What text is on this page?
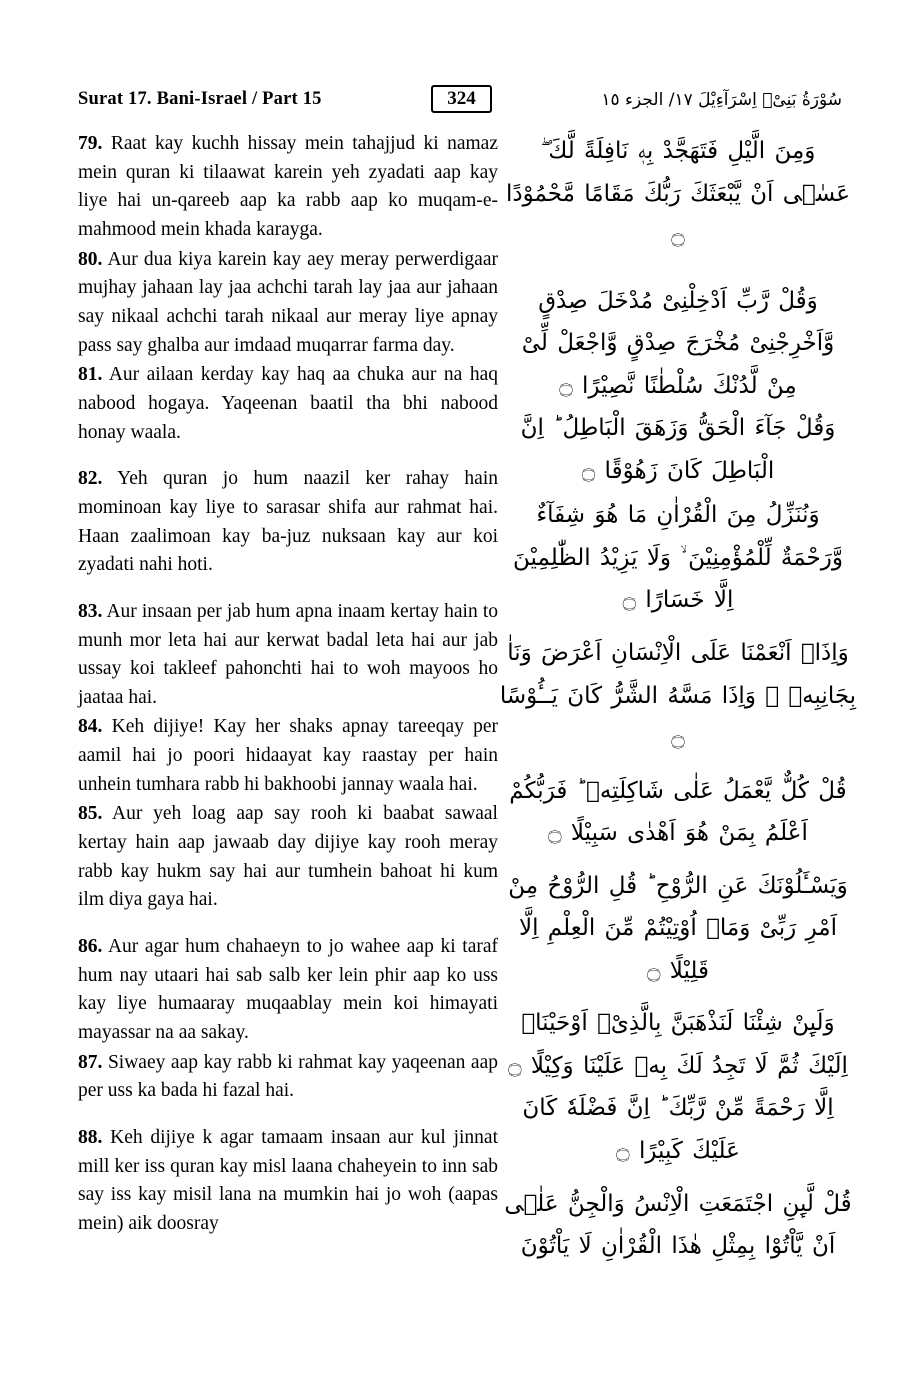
Surat 17. Bani-Israel / Part 15	324	سُوْرَةُ بَنِیْۤ اِسْرَآءِیْلَ ١٧/ الجزء ١٥

79. Raat kay kuchh hissay mein tahajjud ki namaz mein quran ki tilaawat karein yeh zyadati aap kay liye hai un-qareeb aap ka rabb aap ko muqam-e-mahmood mein khada karayga.

80. Aur dua kiya karein kay aey meray perwerdigaar mujhay jahaan lay jaa achchi tarah lay jaa aur jahaan say nikaal achchi tarah nikaal aur meray liye apnay pass say ghalba aur imdaad muqarrar farma day.

81. Aur ailaan kerday kay haq aa chuka aur na haq nabood hogaya. Yaqeenan baatil tha bhi nabood honay waala.

82. Yeh quran jo hum naazil ker rahay hain mominoan kay liye to sarasar shifa aur rahmat hai. Haan zaalimoan kay ba-juz nuksaan kay aur koi zyadati nahi hoti.

83. Aur insaan per jab hum apna inaam kertay hain to munh mor leta hai aur kerwat badal leta hai aur jab ussay koi takleef pahonchti hai to woh mayoos ho jaataa hai.

84. Keh dijiye! Kay her shaks apnay tareeqay per aamil hai jo poori hidaayat kay raastay per hain unhein tumhara rabb hi bakhoobi jannay waala hai.

85. Aur yeh loag aap say rooh ki baabat sawaal kertay hain aap jawaab day dijiye kay rooh meray rabb kay hukm say hai aur tumhein bahoat hi kum ilm diya gaya hai.

86. Aur agar hum chahaeyn to jo wahee aap ki taraf hum nay utaari hai sab salb ker lein phir aap ko uss kay liye humaaray muqaablay mein koi himayati mayassar na aa sakay.

87. Siwaey aap kay rabb ki rahmat kay yaqeenan aap per uss ka bada hi fazal hai.

88. Keh dijiye k agar tamaam insaan aur kul jinnat mill ker iss quran kay misl laana chaheyein to inn sab say iss kay misil lana na mumkin hai jo woh (aapas mein) aik doosray

وَمِنَ الَّیْلِ فَتَهَجَّدْ بِهٖ نَافِلَةً لَّكَ ۖ
عَسٰۤى اَنْ یَّبْعَثَكَ رَبُّكَ مَقَامًا مَّحْمُوْدًا ۝
وَقُلْ رَّبِّ اَدْخِلْنِیْ مُدْخَلَ صِدْقٍ
وَّاَخْرِجْنِیْ مُخْرَجَ صِدْقٍ وَّاجْعَلْ لِّیْ
مِنْ لَّدُنْكَ سُلْطٰنًا نَّصِیْرًا ۝
وَقُلْ جَآءَ الْحَقُّ وَزَهَقَ الْبَاطِلُ ؕ اِنَّ
الْبَاطِلَ كَانَ زَهُوْقًا ۝
وَنُنَزِّلُ مِنَ الْقُرْاٰنِ مَا هُوَ شِفَآءٌ
وَّرَحْمَةٌ لِّلْمُؤْمِنِیْنَ ۙ وَلَا یَزِیْدُ الظّٰلِمِیْنَ
اِلَّا خَسَارًا ۝
وَاِذَاۤ اَنْعَمْنَا عَلَى الْاِنْسَانِ اَعْرَضَ وَنَاٰ
بِجَانِبِهٖ ۚ وَاِذَا مَسَّهُ الشَّرُّ كَانَ یَــُٔوْسًا ۝
قُلْ كُلٌّ یَّعْمَلُ عَلٰى شَاكِلَتِهٖ ؕ فَرَبُّكُمْ
اَعْلَمُ بِمَنْ هُوَ اَهْدٰى سَبِیْلًا ۝
وَیَسْـَٔلُوْنَكَ عَنِ الرُّوْحِ ؕ قُلِ الرُّوْحُ مِنْ
اَمْرِ رَبِّیْ وَمَاۤ اُوْتِیْتُمْ مِّنَ الْعِلْمِ اِلَّا
قَلِیْلًا ۝
وَلَىِٕنْ شِئْنَا لَنَذْهَبَنَّ بِالَّذِیْۤ اَوْحَیْنَاۤ
اِلَیْكَ ثُمَّ لَا تَجِدُ لَكَ بِهٖ عَلَیْنَا وَكِیْلًا ۝
اِلَّا رَحْمَةً مِّنْ رَّبِّكَ ؕ اِنَّ فَضْلَهٗ كَانَ
عَلَیْكَ كَبِیْرًا ۝
قُلْ لَّىِٕنِ اجْتَمَعَتِ الْاِنْسُ وَالْجِنُّ عَلٰۤى
اَنْ یَّاْتُوْا بِمِثْلِ هٰذَا الْقُرْاٰنِ لَا یَاْتُوْنَ
